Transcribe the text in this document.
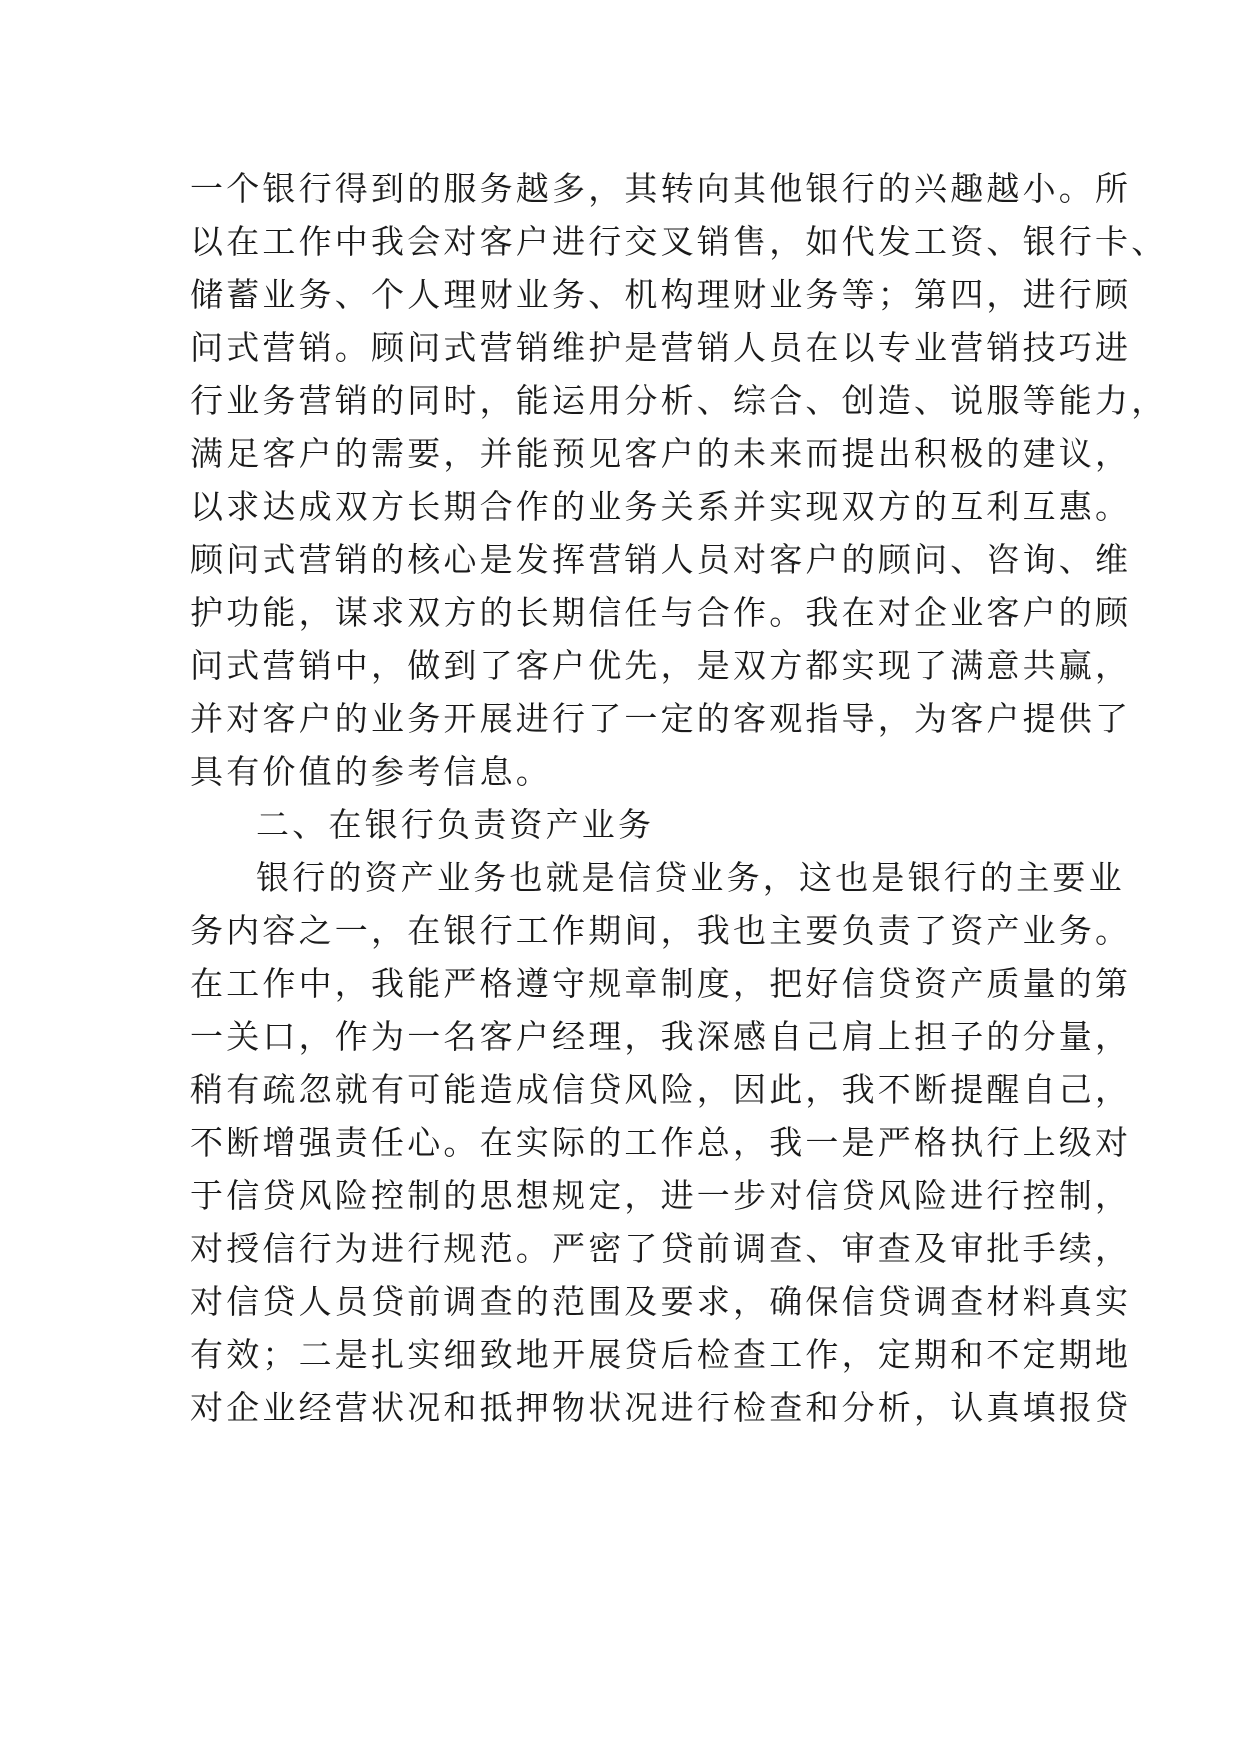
一个银行得到的服务越多，其转向其他银行的兴趣越小。所
以在工作中我会对客户进行交叉销售，如代发工资、银行卡、
储蓄业务、个人理财业务、机构理财业务等；第四，进行顾
问式营销。顾问式营销维护是营销人员在以专业营销技巧进
行业务营销的同时，能运用分析、综合、创造、说服等能力，
满足客户的需要，并能预见客户的未来而提出积极的建议，
以求达成双方长期合作的业务关系并实现双方的互利互惠。
顾问式营销的核心是发挥营销人员对客户的顾问、咨询、维
护功能，谋求双方的长期信任与合作。我在对企业客户的顾
问式营销中，做到了客户优先，是双方都实现了满意共赢，
并对客户的业务开展进行了一定的客观指导，为客户提供了
具有价值的参考信息。
二、在银行负责资产业务
银行的资产业务也就是信贷业务，这也是银行的主要业
务内容之一，在银行工作期间，我也主要负责了资产业务。
在工作中，我能严格遵守规章制度，把好信贷资产质量的第
一关口，作为一名客户经理，我深感自己肩上担子的分量，
稍有疏忽就有可能造成信贷风险，因此，我不断提醒自己，
不断增强责任心。在实际的工作总，我一是严格执行上级对
于信贷风险控制的思想规定，进一步对信贷风险进行控制，
对授信行为进行规范。严密了贷前调查、审查及审批手续，
对信贷人员贷前调查的范围及要求，确保信贷调查材料真实
有效；二是扎实细致地开展贷后检查工作，定期和不定期地
对企业经营状况和抵押物状况进行检查和分析，认真填报贷
